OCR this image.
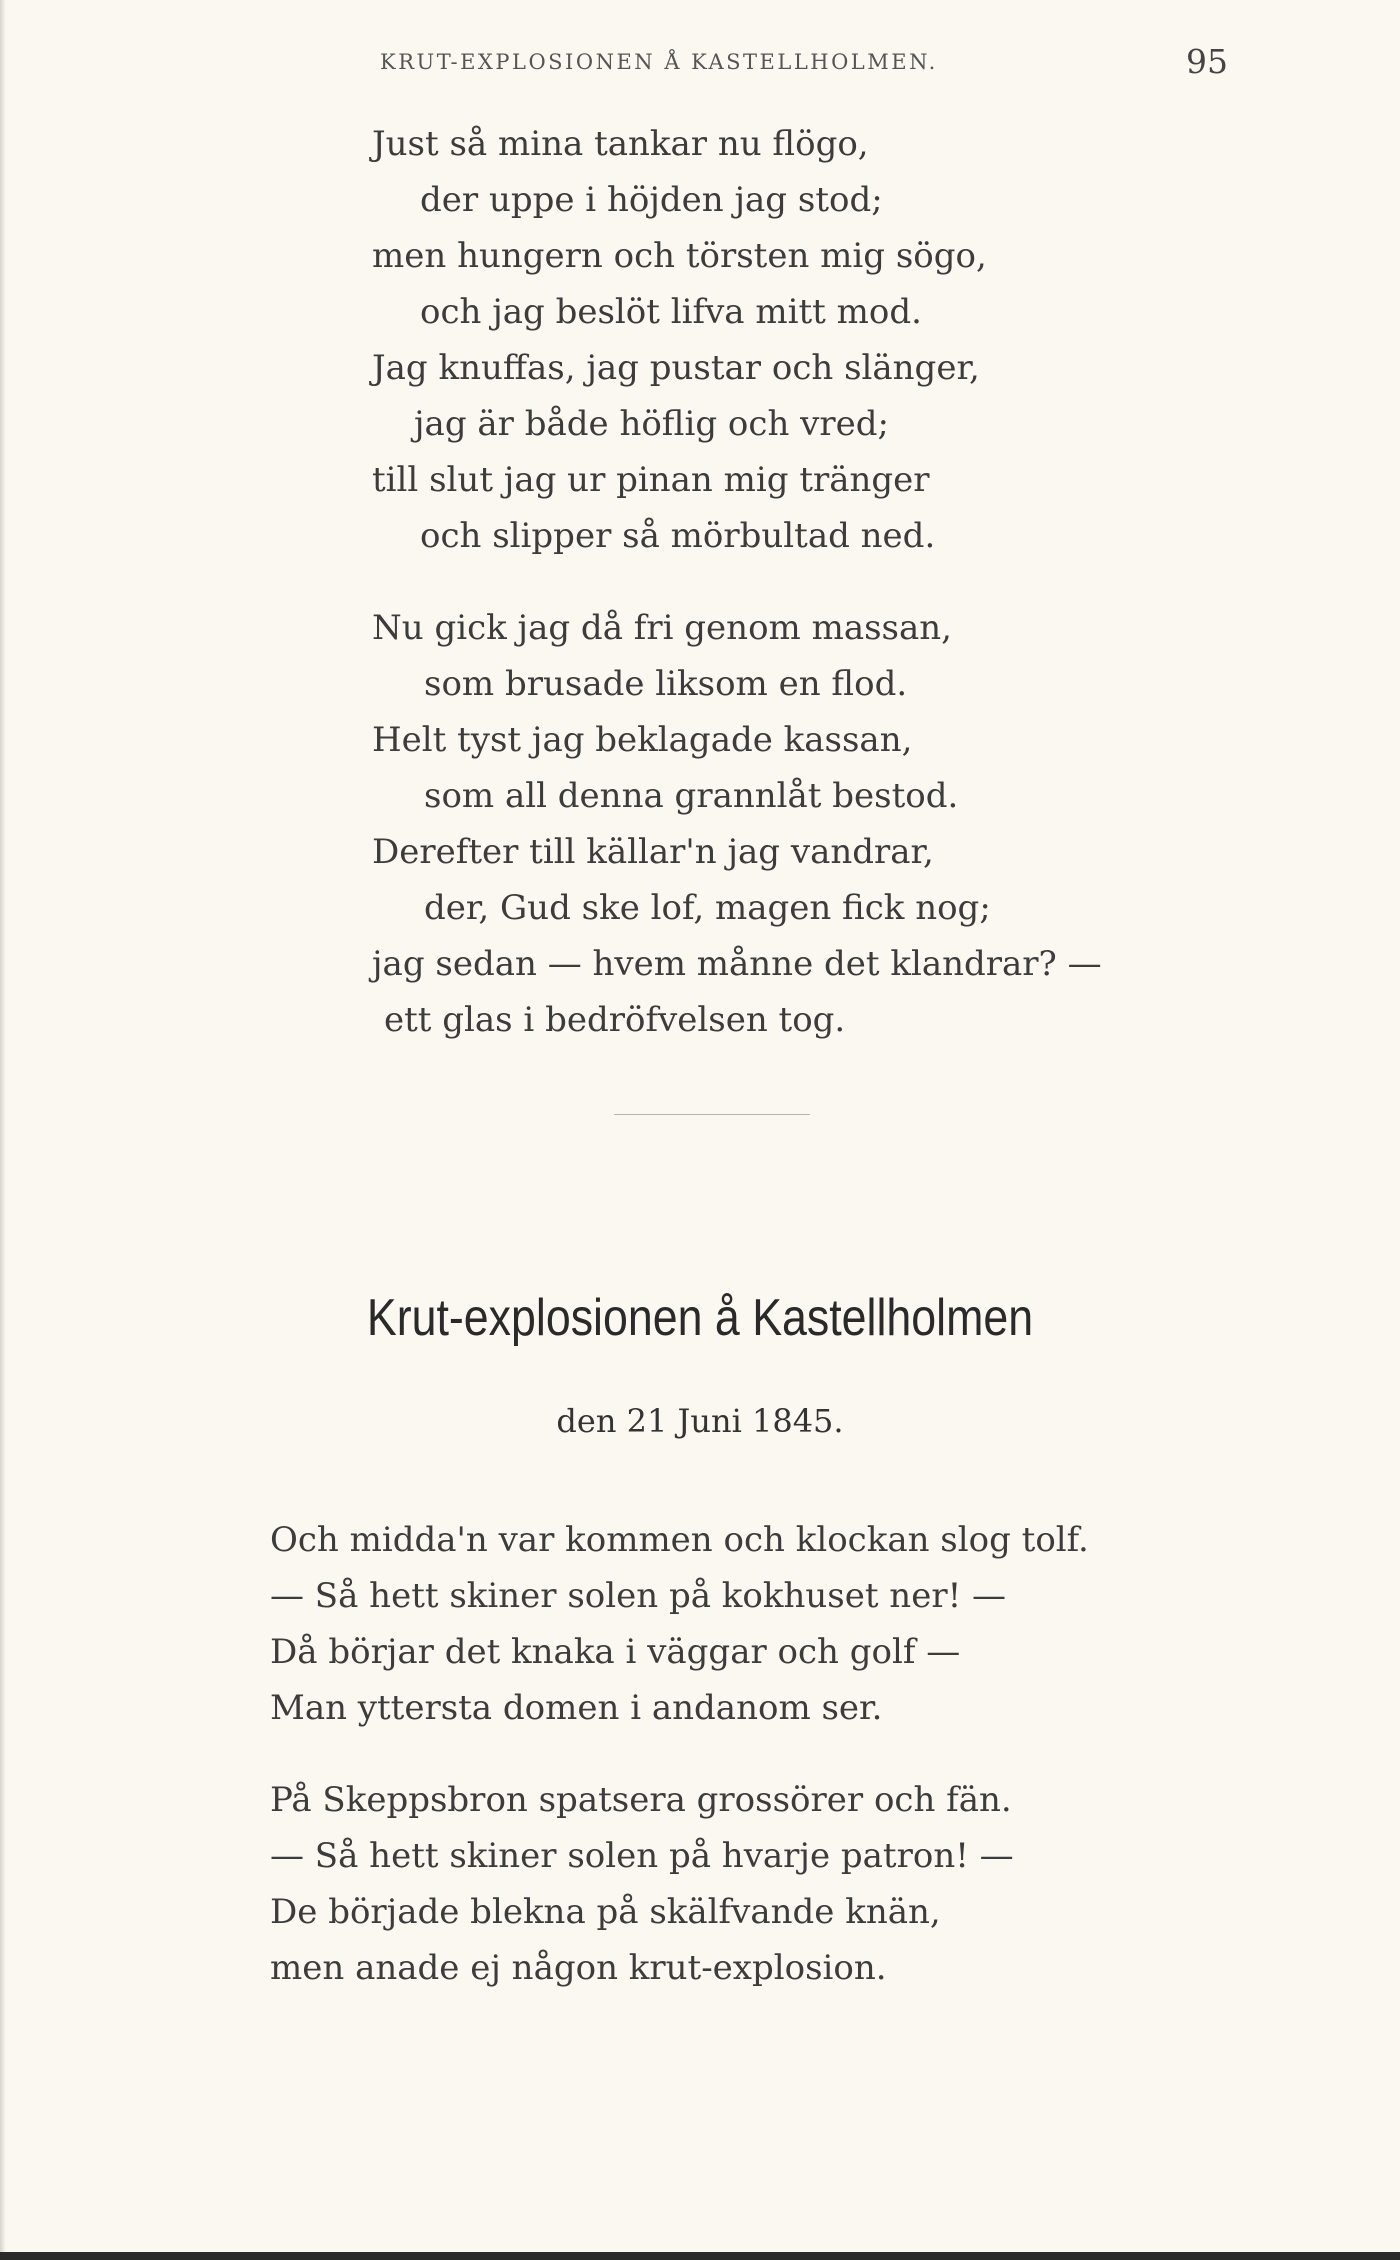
KRUT-EXPLOSIONEN Å KASTELLHOLMEN.	95
Just så mina tankar nu flögo,
der uppe i höjden jag stod;
men hungern och törsten mig sögo,
och jag beslöt lifva mitt mod.
Jag knuffas, jag pustar och slänger,
jag är både höflig och vred;
till slut jag ur pinan mig tränger
och slipper så mörbultad ned.
Nu gick jag då fri genom massan,
som brusade liksom en flod.
Helt tyst jag beklagade kassan,
som all denna grannlåt bestod.
Derefter till källar'n jag vandrar,
der, Gud ske lof, magen fick nog;
jag sedan — hvem månne det klandrar? —
ett glas i bedröfvelsen tog.
Krut-explosionen å Kastellholmen
den 21 Juni 1845.
Och midda'n var kommen och klockan slog tolf.
— Så hett skiner solen på kokhuset ner! —
Då börjar det knaka i väggar och golf —
Man yttersta domen i andanom ser.
På Skeppsbron spatsera grossörer och fän.
— Så hett skiner solen på hvarje patron! —
De började blekna på skälfvande knän,
men anade ej någon krut-explosion.
